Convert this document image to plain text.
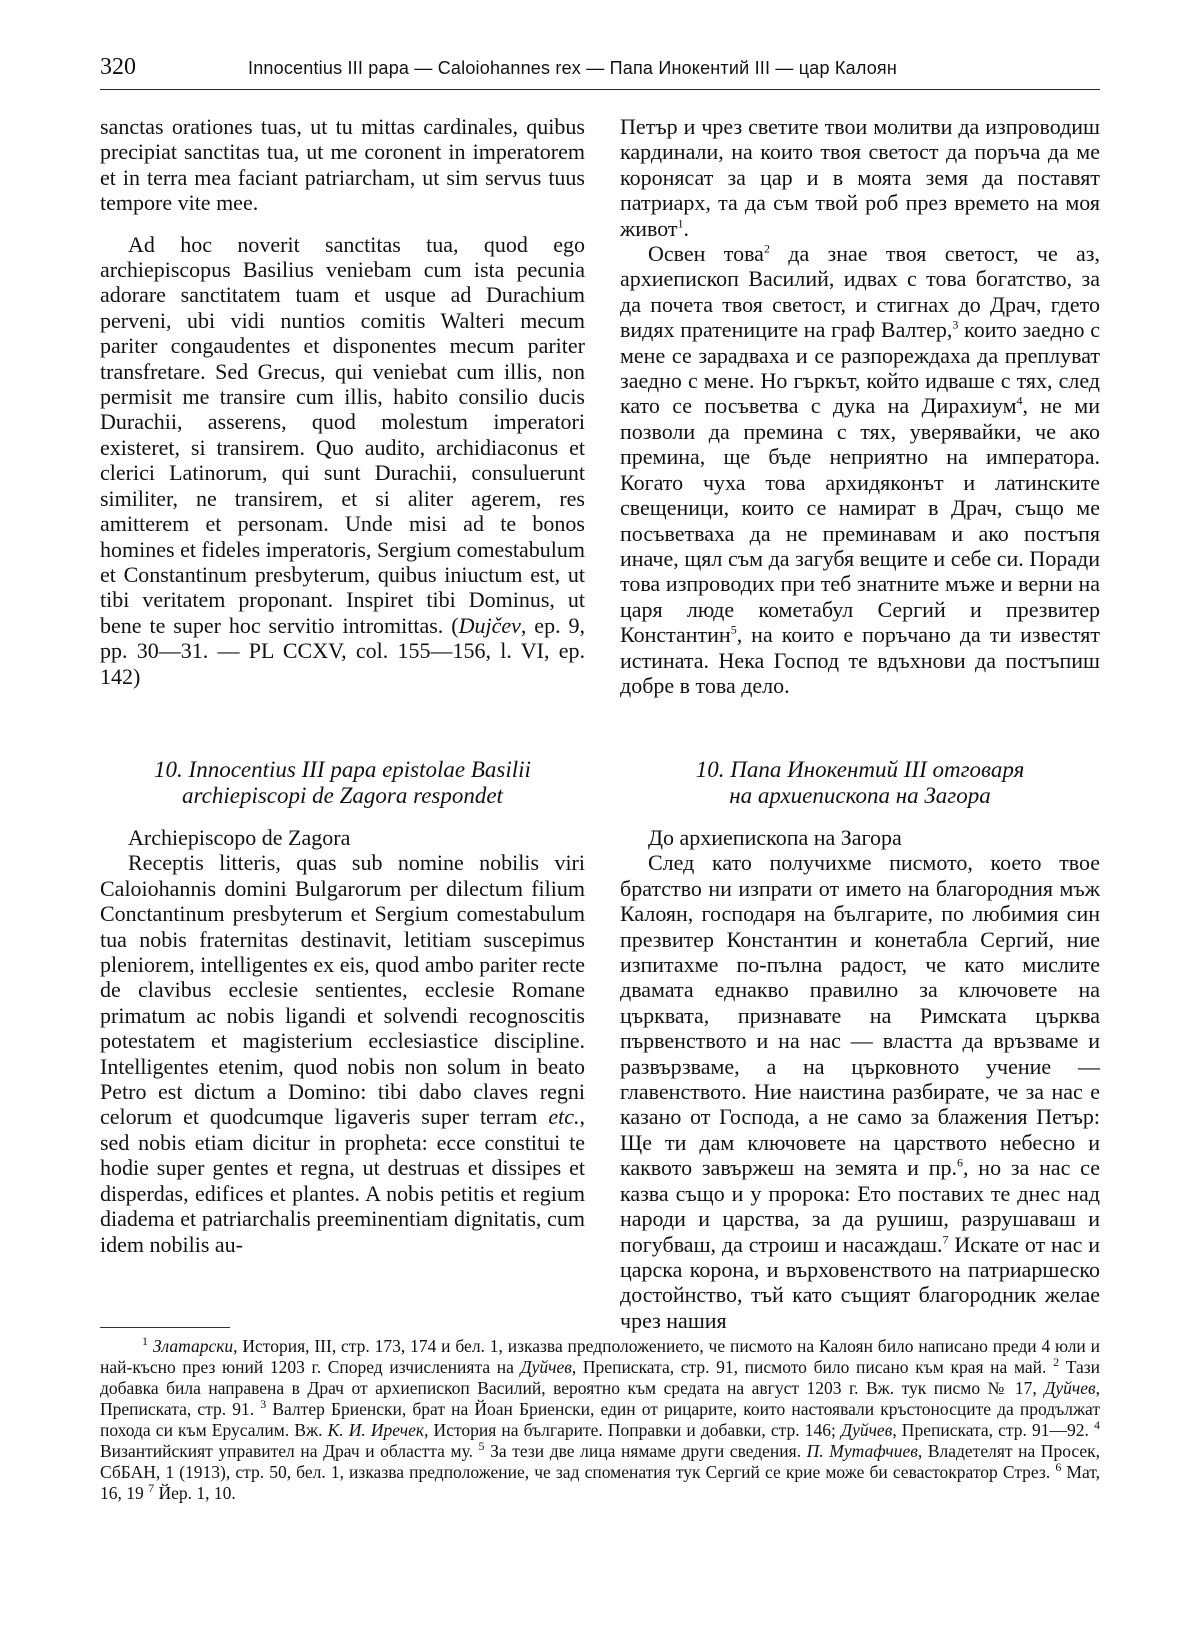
320	Innocentius III papa — Caloiohannes rex — Папа Инокентий III — цар Калоян

sanctas orationes tuas, ut tu mittas cardinales, quibus precipiat sanctitas tua, ut me coronent in imperatorem et in terra mea faciant patriarcham, ut sim servus tuus tempore vite mee.

Ad hoc noverit sanctitas tua, quod ego archiepiscopus Basilius veniebam cum ista pecunia adorare sanctitatem tuam et usque ad Durachium perveni, ubi vidi nuntios comitis Walteri mecum pariter congaudentes et disponentes mecum pariter transfretare. Sed Grecus, qui veniebat cum illis, non permisit me transire cum illis, habito consilio ducis Durachii, asserens, quod molestum imperatori existeret, si transirem. Quo audito, archidiaconus et clerici Latinorum, qui sunt Durachii, consuluerunt similiter, ne transirem, et si aliter agerem, res amitterem et personam. Unde misi ad te bonos homines et fideles imperatoris, Sergium comestabulum et Constantinum presbyterum, quibus iniuctum est, ut tibi veritatem proponant. Inspiret tibi Dominus, ut bene te super hoc servitio intromittas. (Dujčev, ep. 9, pp. 30—31. — PL CCXV, col. 155—156, l. VI, ep. 142)

Петър и чрез светите твои молитви да изпроводиш кардинали, на които твоя светост да поръча да ме коронясат за цар и в моята земя да поставят патриарх, та да съм твой роб през времето на моя живот$^1$.

Освен това$^2$ да знае твоя светост, че аз, архиепископ Василий, идвах с това богатство, за да почета твоя светост, и стигнах до Драч, гдето видях пратениците на граф Валтер,$^3$ които заедно с мене се зарадваха и се разпореждаха да преплуват заедно с мене. Но гъркът, който идваше с тях, след като се посъветва с дука на Дирахиум$^4$, не ми позволи да премина с тях, уверявайки, че ако премина, ще бъде неприятно на императора. Когато чуха това архидяконът и латинските свещеници, които се намират в Драч, също ме посъветваха да не преминавам и ако постъпя иначе, щял съм да загубя вещите и себе си. Поради това изпроводих при теб знатните мъже и верни на царя люде кометабул Сергий и презвитер Константин$^5$, на които е поръчано да ти известят истината. Нека Господ те вдъхнови да постъпиш добре в това дело.

10. Innocentius III papa epistolae Basilii

archiepiscopi de Zagora respondet

10. Папа Инокентий III отговаря

на архиепископа на Загора

Archiepiscopo de Zagora

Receptis litteris, quas sub nomine nobilis viri Caloiohannis domini Bulgarorum per dilectum filium Conctantinum presbyterum et Sergium comestabulum tua nobis fraternitas destinavit, letitiam suscepimus pleniorem, intelligentes ex eis, quod ambo pariter recte de clavibus ecclesie sentientes, ecclesie Romane primatum ac nobis ligandi et solvendi recognoscitis potestatem et magisterium ecclesiastice discipline. Intelligentes etenim, quod nobis non solum in beato Petro est dictum a Domino: tibi dabo claves regni celorum et quodcumque ligaveris super terram etc., sed nobis etiam dicitur in propheta: ecce constitui te hodie super gentes et regna, ut destruas et dissipes et disperdas, edifices et plantes. A nobis petitis et regium diadema et patriarchalis preeminentiam dignitatis, cum idem nobilis au-

До архиепископа на Загора

След като получихме писмото, което твое братство ни изпрати от името на благородния мъж Калоян, господаря на българите, по любимия син презвитер Константин и конетабла Сергий, ние изпитахме по-пълна радост, че като мислите двамата еднакво правилно за ключовете на църквата, признавате на Римската църква първенството и на нас — властта да връзваме и развързваме, а на църковното учение — главенството. Ние наистина разбирате, че за нас е казано от Господа, а не само за блажения Петър: Ще ти дам ключовете на царството небесно и каквото завържеш на земята и пр.$^6$, но за нас се казва също и у пророка: Ето поставих те днес над народи и царства, за да рушиш, разрушаваш и погубваш, да строиш и насаждаш.$^7$ Искате от нас и царска корона, и върховенството на патриаршеско достойнство, тъй като същият благородник желае чрез нашия

$^1$ Златарски, История, III, стр. 173, 174 и бел. 1, изказва предположението, че писмото на Калоян било написано преди 4 юли и най-късно през юний 1203 г. Според изчисленията на Дуйчев, Преписката, стр. 91, писмото било писано към края на май. $^2$ Тази добавка била направена в Драч от архиепископ Василий, вероятно към средата на август 1203 г. Вж. тук писмо № 17, Дуйчев, Преписката, стр. 91. $^3$ Валтер Бриенски, брат на Йоан Бриенски, един от рицарите, които настоявали кръстоносците да продължат похода си към Ерусалим. Вж. К. И. Иречек, История на българите. Поправки и добавки, стр. 146; Дуйчев, Преписката, стр. 91—92. $^4$ Византийският управител на Драч и областта му. $^5$ За тези две лица нямаме други сведения. П. Мутафчиев, Владетелят на Просек, СбБАН, 1 (1913), стр. 50, бел. 1, изказва предположение, че зад споменатия тук Сергий се крие може би севастократор Стрез. $^6$ Мат, 16, 19 $^7$ Йер. 1, 10.
